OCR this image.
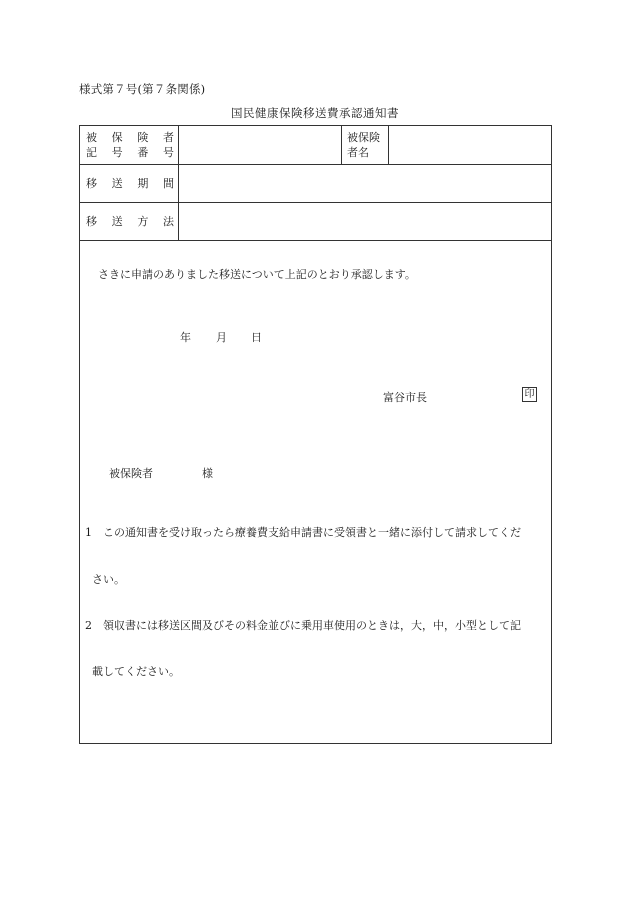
様式第７号(第７条関係)
国民健康保険移送費承認通知書
被 保 険 者
記 号 番 号
被保険
者名
移 送 期 間
移 送 方 法
さきに申請のありました移送について上記のとおり承認します。
年 月 日
富谷市長	印
被保険者	様
1　この通知書を受け取ったら療養費支給申請書に受領書と一緒に添付して請求してくだ
さい。
2　領収書には移送区間及びその料金並びに乗用車使用のときは，大，中，小型として記
載してください。
